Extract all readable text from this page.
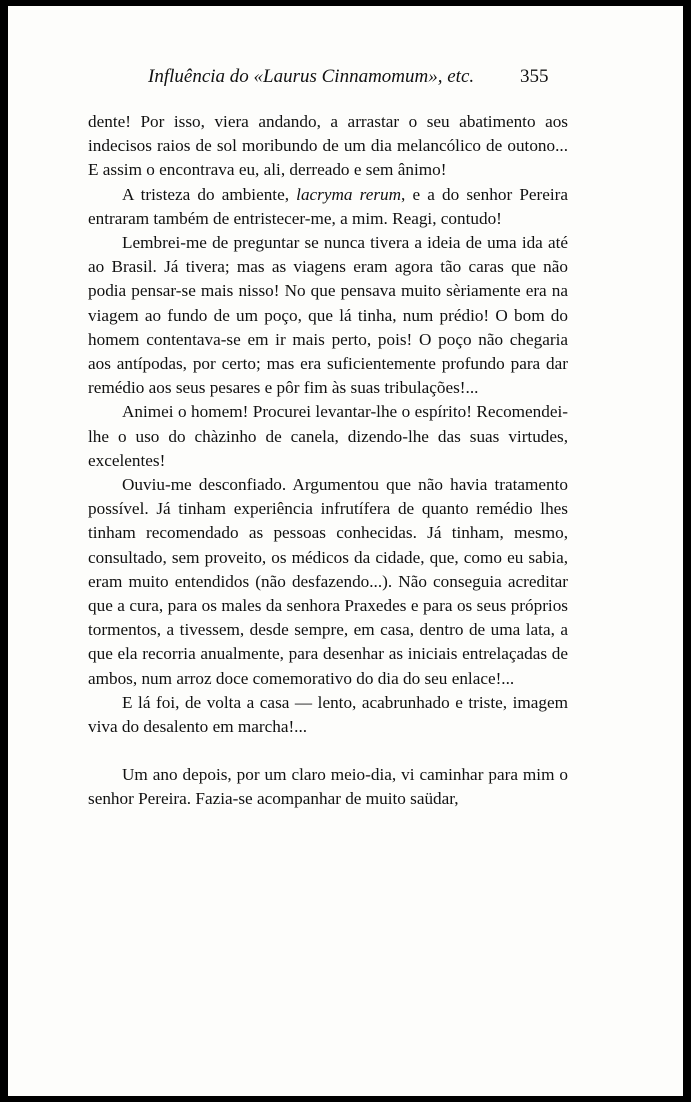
Influência do «Laurus Cinnamomum», etc. 355

dente! Por isso, viera andando, a arrastar o seu abatimento aos indecisos raios de sol moribundo de um dia melancólico de outono... E assim o encontrava eu, ali, derreado e sem ânimo!

A tristeza do ambiente, lacryma rerum, e a do senhor Pereira entraram também de entristecer-me, a mim. Reagi, contudo!

Lembrei-me de preguntar se nunca tivera a ideia de uma ida até ao Brasil. Já tivera; mas as viagens eram agora tão caras que não podia pensar-se mais nisso! No que pensava muito sèriamente era na viagem ao fundo de um poço, que lá tinha, num prédio! O bom do homem contentava-se em ir mais perto, pois! O poço não chegaria aos antípodas, por certo; mas era suficientemente profundo para dar remédio aos seus pesares e pôr fim às suas tribulações!...

Animei o homem! Procurei levantar-lhe o espírito! Recomendei-lhe o uso do chàzinho de canela, dizendo-lhe das suas virtudes, excelentes!

Ouviu-me desconfiado. Argumentou que não havia tratamento possível. Já tinham experiência infrutífera de quanto remédio lhes tinham recomendado as pessoas conhecidas. Já tinham, mesmo, consultado, sem proveito, os médicos da cidade, que, como eu sabia, eram muito entendidos (não desfazendo...). Não conseguia acreditar que a cura, para os males da senhora Praxedes e para os seus próprios tormentos, a tivessem, desde sempre, em casa, dentro de uma lata, a que ela recorria anualmente, para desenhar as iniciais entrelaçadas de ambos, num arroz doce comemorativo do dia do seu enlace!...

E lá foi, de volta a casa — lento, acabrunhado e triste, imagem viva do desalento em marcha!...

Um ano depois, por um claro meio-dia, vi caminhar para mim o senhor Pereira. Fazia-se acompanhar de muito saüdar,
